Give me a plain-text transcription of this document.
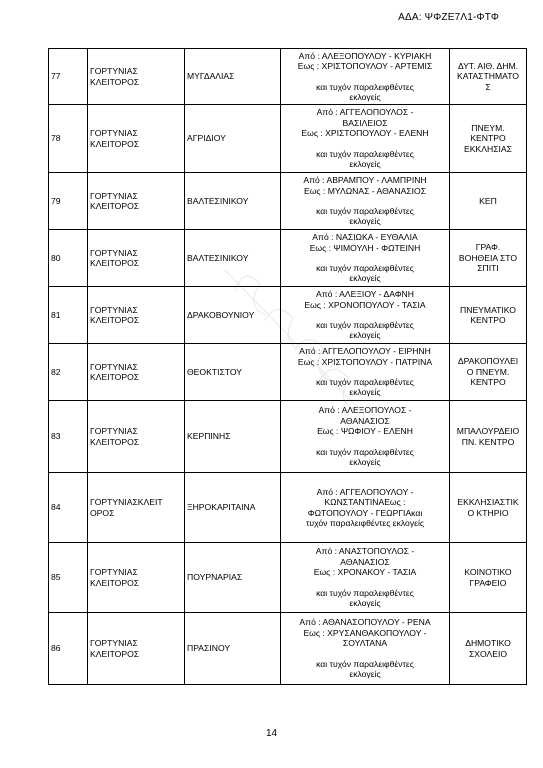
ΑΔΑ: ΨΦΖΕ7Λ1-ΦΤΦ
77	ΓΟΡΤΥΝΙΑΣ
ΚΛΕΙΤΟΡΟΣ	ΜΥΓΔΑΛΙΑΣ	Από : ΑΛΕΞΟΠΟΥΛΟΥ - ΚΥΡΙΑΚΗ
Εως : ΧΡΙΣΤΟΠΟΥΛΟΥ - ΑΡΤΕΜΙΣ
και τυχόν παραλειφθέντες
εκλογείς	ΔΥΤ. ΑΙΘ. ΔΗΜ.
ΚΑΤΑΣΤΗΜΑΤΟ
Σ

78	ΓΟΡΤΥΝΙΑΣ
ΚΛΕΙΤΟΡΟΣ	ΑΓΡΙΔΙΟΥ	Από : ΑΓΓΕΛΟΠΟΥΛΟΣ -
ΒΑΣΙΛΕΙΟΣ
Εως : ΧΡΙΣΤΟΠΟΥΛΟΥ - ΕΛΕΝΗ
και τυχόν παραλειφθέντες
εκλογείς	ΠΝΕΥΜ.
ΚΕΝΤΡΟ
ΕΚΚΛΗΣΙΑΣ

79	ΓΟΡΤΥΝΙΑΣ
ΚΛΕΙΤΟΡΟΣ	ΒΑΛΤΕΣΙΝΙΚΟΥ	Από : ΑΒΡΑΜΠΟΥ - ΛΑΜΠΡΙΝΗ
Εως : ΜΥΛΩΝΑΣ - ΑΘΑΝΑΣΙΟΣ
και τυχόν παραλειφθέντες
εκλογείς	ΚΕΠ

80	ΓΟΡΤΥΝΙΑΣ
ΚΛΕΙΤΟΡΟΣ	ΒΑΛΤΕΣΙΝΙΚΟΥ	Από : ΝΑΣΙΩΚΑ - ΕΥΘΑΛΙΑ
Εως : ΨΙΜΟΥΛΗ - ΦΩΤΕΙΝΗ
και τυχόν παραλειφθέντες
εκλογείς	ΓΡΑΦ.
ΒΟΗΘΕΙΑ ΣΤΟ
ΣΠΙΤΙ

81	ΓΟΡΤΥΝΙΑΣ
ΚΛΕΙΤΟΡΟΣ	ΔΡΑΚΟΒΟΥΝΙΟΥ	Από : ΑΛΕΞΙΟΥ - ΔΑΦΝΗ
Εως : ΧΡΟΝΟΠΟΥΛΟΥ - ΤΑΣΙΑ
και τυχόν παραλειφθέντες
εκλογείς	ΠΝΕΥΜΑΤΙΚΟ
ΚΕΝΤΡΟ

82	ΓΟΡΤΥΝΙΑΣ
ΚΛΕΙΤΟΡΟΣ	ΘΕΟΚΤΙΣΤΟΥ	Από : ΑΓΓΕΛΟΠΟΥΛΟΥ - ΕΙΡΗΝΗ
Εως : ΧΡΙΣΤΟΠΟΥΛΟΥ - ΠΑΤΡΙΝΑ
και τυχόν παραλειφθέντες
εκλογείς	ΔΡΑΚΟΠΟΥΛΕΙ
Ο ΠΝΕΥΜ.
ΚΕΝΤΡΟ

83	ΓΟΡΤΥΝΙΑΣ
ΚΛΕΙΤΟΡΟΣ	ΚΕΡΠΙΝΗΣ	Από : ΑΛΕΞΟΠΟΥΛΟΣ -
ΑΘΑΝΑΣΙΟΣ
Εως : ΨΩΦΙΟΥ - ΕΛΕΝΗ
και τυχόν παραλειφθέντες
εκλογείς	ΜΠΑΛΟΥΡΔΕΙΟ
ΠΝ. ΚΕΝΤΡΟ

84	ΓΟΡΤΥΝΙΑΣΚΛΕΙΤ
ΟΡΟΣ	ΞΗΡΟΚΑΡΙΤΑΙΝΑ	Από : ΑΓΓΕΛΟΠΟΥΛΟΥ -
ΚΩΝΣΤΑΝΤΙΝΑΕως :
ΦΩΤΟΠΟΥΛΟΥ - ΓΕΩΡΓΙΑκαι
τυχόν παραλειφθέντες εκλογείς	ΕΚΚΛΗΣΙΑΣΤΙΚ
Ο ΚΤΗΡΙΟ

85	ΓΟΡΤΥΝΙΑΣ
ΚΛΕΙΤΟΡΟΣ	ΠΟΥΡΝΑΡΙΑΣ	Από : ΑΝΑΣΤΟΠΟΥΛΟΣ -
ΑΘΑΝΑΣΙΟΣ
Εως : ΧΡΟΝΑΚΟΥ - ΤΑΣΙΑ
και τυχόν παραλειφθέντες
εκλογείς	ΚΟΙΝΟΤΙΚΟ
ΓΡΑΦΕΙΟ

86	ΓΟΡΤΥΝΙΑΣ
ΚΛΕΙΤΟΡΟΣ	ΠΡΑΣΙΝΟΥ	Από : ΑΘΑΝΑΣΟΠΟΥΛΟΥ - ΡΕΝΑ
Εως : ΧΡΥΣΑΝΘΑΚΟΠΟΥΛΟΥ -
ΣΟΥΛΤΑΝΑ
και τυχόν παραλειφθέντες
εκλογείς	ΔΗΜΟΤΙΚΟ
ΣΧΟΛΕΙΟ
14
